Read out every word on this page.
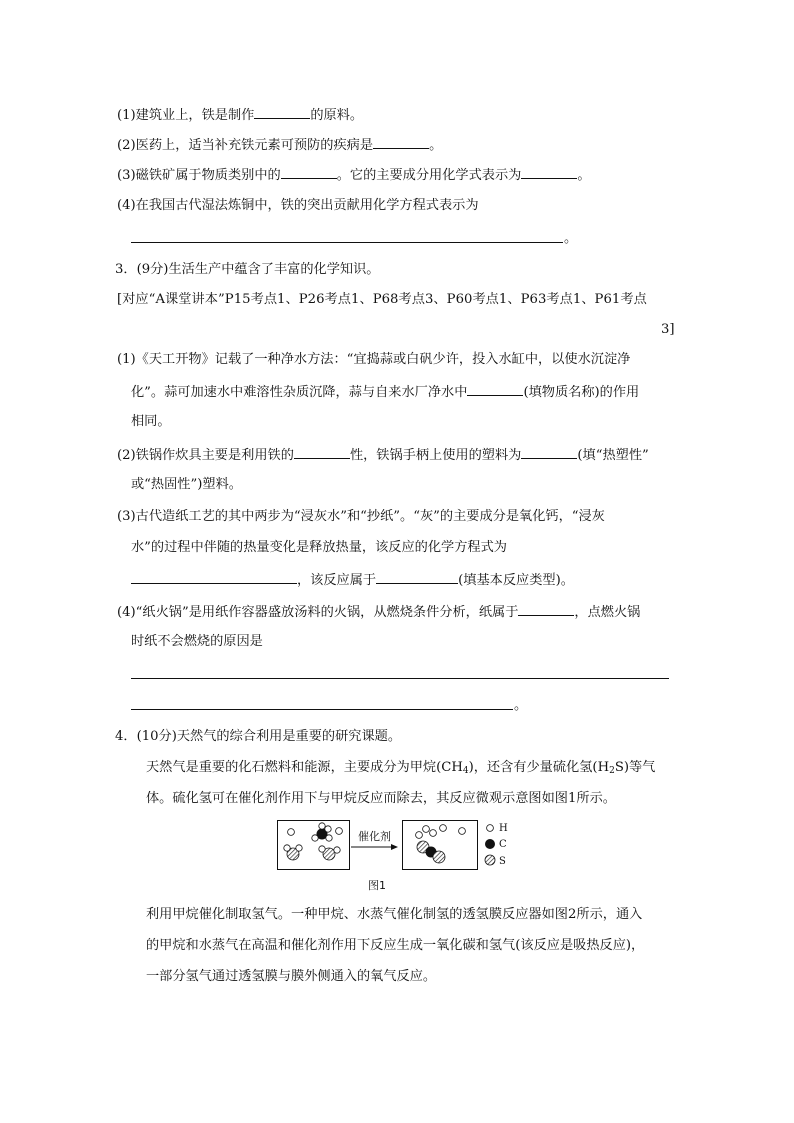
(1)建筑业上，铁是制作	的原料。
(2)医药上，适当补充铁元素可预防的疾病是	。
(3)磁铁矿属于物质类别中的	。它的主要成分用化学式表示为	。
(4)在我国古代湿法炼铜中，铁的突出贡献用化学方程式表示为
。
3．(9分)生活生产中蕴含了丰富的化学知识。
[对应“A课堂讲本”P15考点1、P26考点1、P68考点3、P60考点1、P63考点1、P61考点
3]
(1)《天工开物》记载了一种净水方法：“宜捣蒜或白矾少许，投入水缸中，以使水沉淀净
化”。蒜可加速水中难溶性杂质沉降，蒜与自来水厂净水中	(填物质名称)的作用
相同。
(2)铁锅作炊具主要是利用铁的	性，铁锅手柄上使用的塑料为	(填“热塑性”
或“热固性”)塑料。
(3)古代造纸工艺的其中两步为“浸灰水”和“抄纸”。“灰”的主要成分是氧化钙，“浸灰
水”的过程中伴随的热量变化是释放热量，该反应的化学方程式为
，该反应属于	(填基本反应类型)。
(4)“纸火锅”是用纸作容器盛放汤料的火锅，从燃烧条件分析，纸属于	，点燃火锅
时纸不会燃烧的原因是
。
4．(10分)天然气的综合利用是重要的研究课题。
天然气是重要的化石燃料和能源，主要成分为甲烷$(CH_4)$，还含有少量硫化氢$(H_2S)$等气
体。硫化氢可在催化剂作用下与甲烷反应而除去，其反应微观示意图如图1所示。
催化剂
H
C
S
图1
利用甲烷催化制取氢气。一种甲烷、水蒸气催化制氢的透氢膜反应器如图2所示，通入
的甲烷和水蒸气在高温和催化剂作用下反应生成一氧化碳和氢气(该反应是吸热反应)，
一部分氢气通过透氢膜与膜外侧通入的氧气反应。
